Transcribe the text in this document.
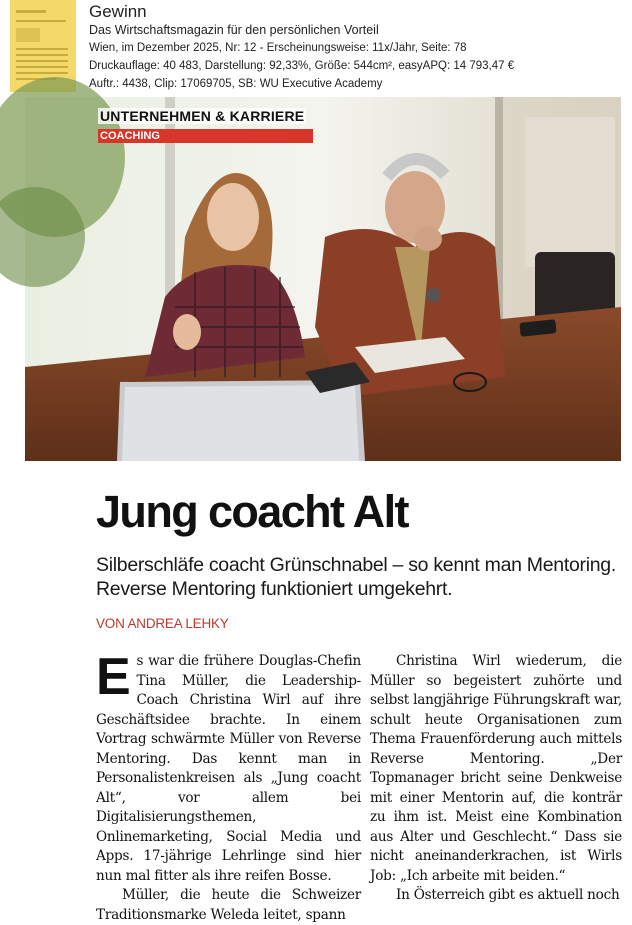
Gewinn
Das Wirtschaftsmagazin für den persönlichen Vorteil
Wien, im Dezember 2025, Nr: 12 - Erscheinungsweise: 11x/Jahr, Seite: 78
Druckauflage: 40 483, Darstellung: 92,33%, Größe: 544cm², easyAPQ: 14 793,47 €
Auftr.: 4438, Clip: 17069705, SB: WU Executive Academy
UNTERNEHMEN & KARRIERE
COACHING
Jung coacht Alt
Silberschläfe coacht Grünschnabel – so kennt man Mentoring. Reverse Mentoring funktioniert umgekehrt.
VON ANDREA LEHKY
E s war die frühere Douglas-Chefin Tina Müller, die Leadership-Coach Christina Wirl auf ihre Geschäftsidee brachte. In einem Vortrag schwärmte Müller von Reverse Mentoring. Das kennt man in Personalistenkreisen als „Jung coacht Alt“, vor allem bei Digitalisierungsthemen, Onlinemarketing, Social Media und Apps. 17-jährige Lehrlinge sind hier nun mal fitter als ihre reifen Bosse.

Müller, die heute die Schweizer Traditionsmarke Weleda leitet, spann

Christina Wirl wiederum, die Müller so begeistert zuhörte und selbst langjährige Führungskraft war, schult heute Organisationen zum Thema Frauenförderung auch mittels Reverse Mentoring. „Der Topmanager bricht seine Denkweise mit einer Mentorin auf, die konträr zu ihm ist. Meist eine Kombination aus Alter und Geschlecht.“ Dass sie nicht aneinanderkrachen, ist Wirls Job: „Ich arbeite mit beiden.“

In Österreich gibt es aktuell noch
